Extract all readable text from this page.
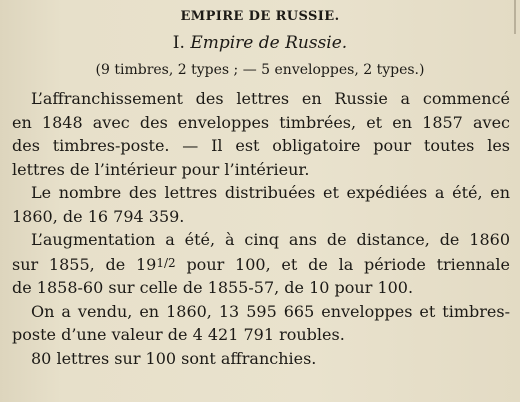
EMPIRE DE RUSSIE.
I. Empire de Russie.
(9 timbres, 2 types ; — 5 enveloppes, 2 types.)
L’affranchissement des lettres en Russie a commencé
en 1848 avec des enveloppes timbrées, et en 1857 avec
des timbres-poste. — Il est obligatoire pour toutes les
lettres de l’intérieur pour l’intérieur.
Le nombre des lettres distribuées et expédiées a été, en
1860, de 16 794 359.
L’augmentation a été, à cinq ans de distance, de 1860
sur 1855, de 191/2 pour 100, et de la période triennale
de 1858-60 sur celle de 1855-57, de 10 pour 100.
On a vendu, en 1860, 13 595 665 enveloppes et timbres-
poste d’une valeur de 4 421 791 roubles.
80 lettres sur 100 sont affranchies.
